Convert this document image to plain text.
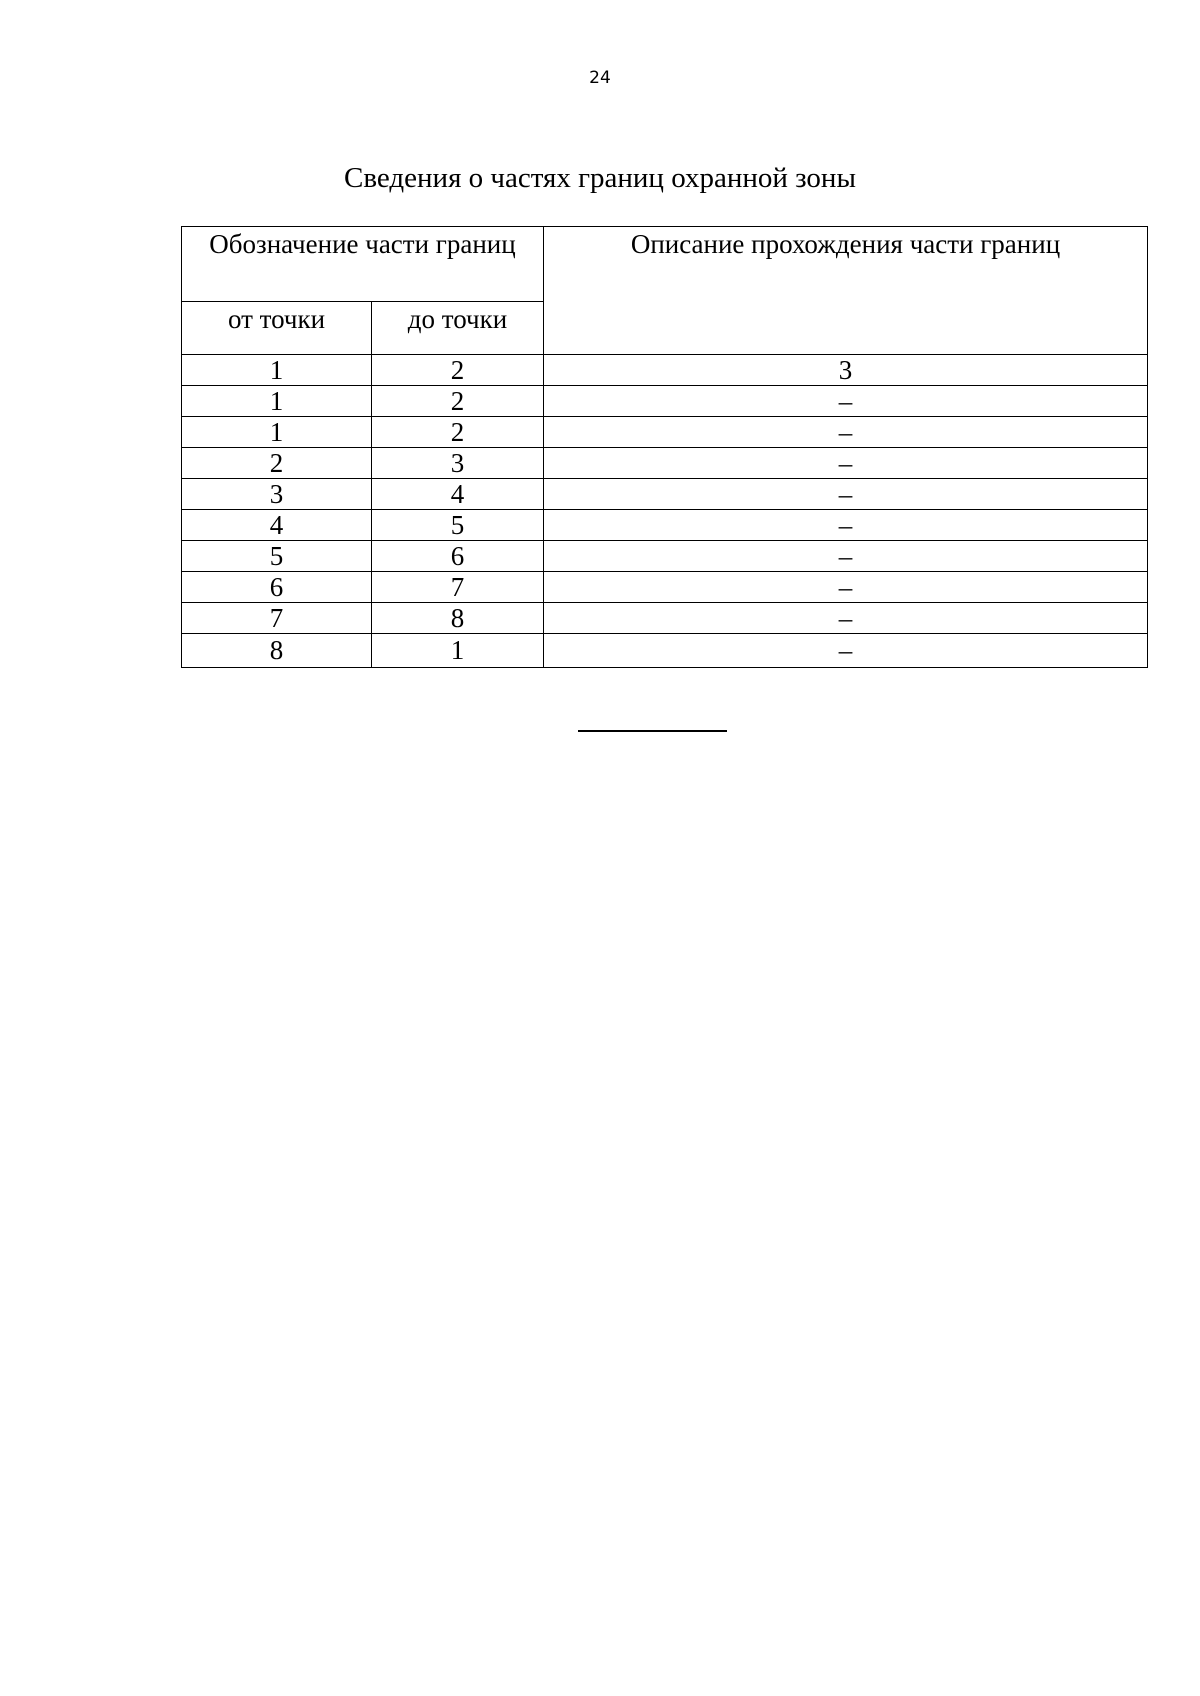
24
Сведения о частях границ охранной зоны
Обозначение части границ		Описание прохождения части границ
от точки	до точки	
1	2	3
1	2	–
1	2	–
2	3	–
3	4	–
4	5	–
5	6	–
6	7	–
7	8	–
8	1	–
